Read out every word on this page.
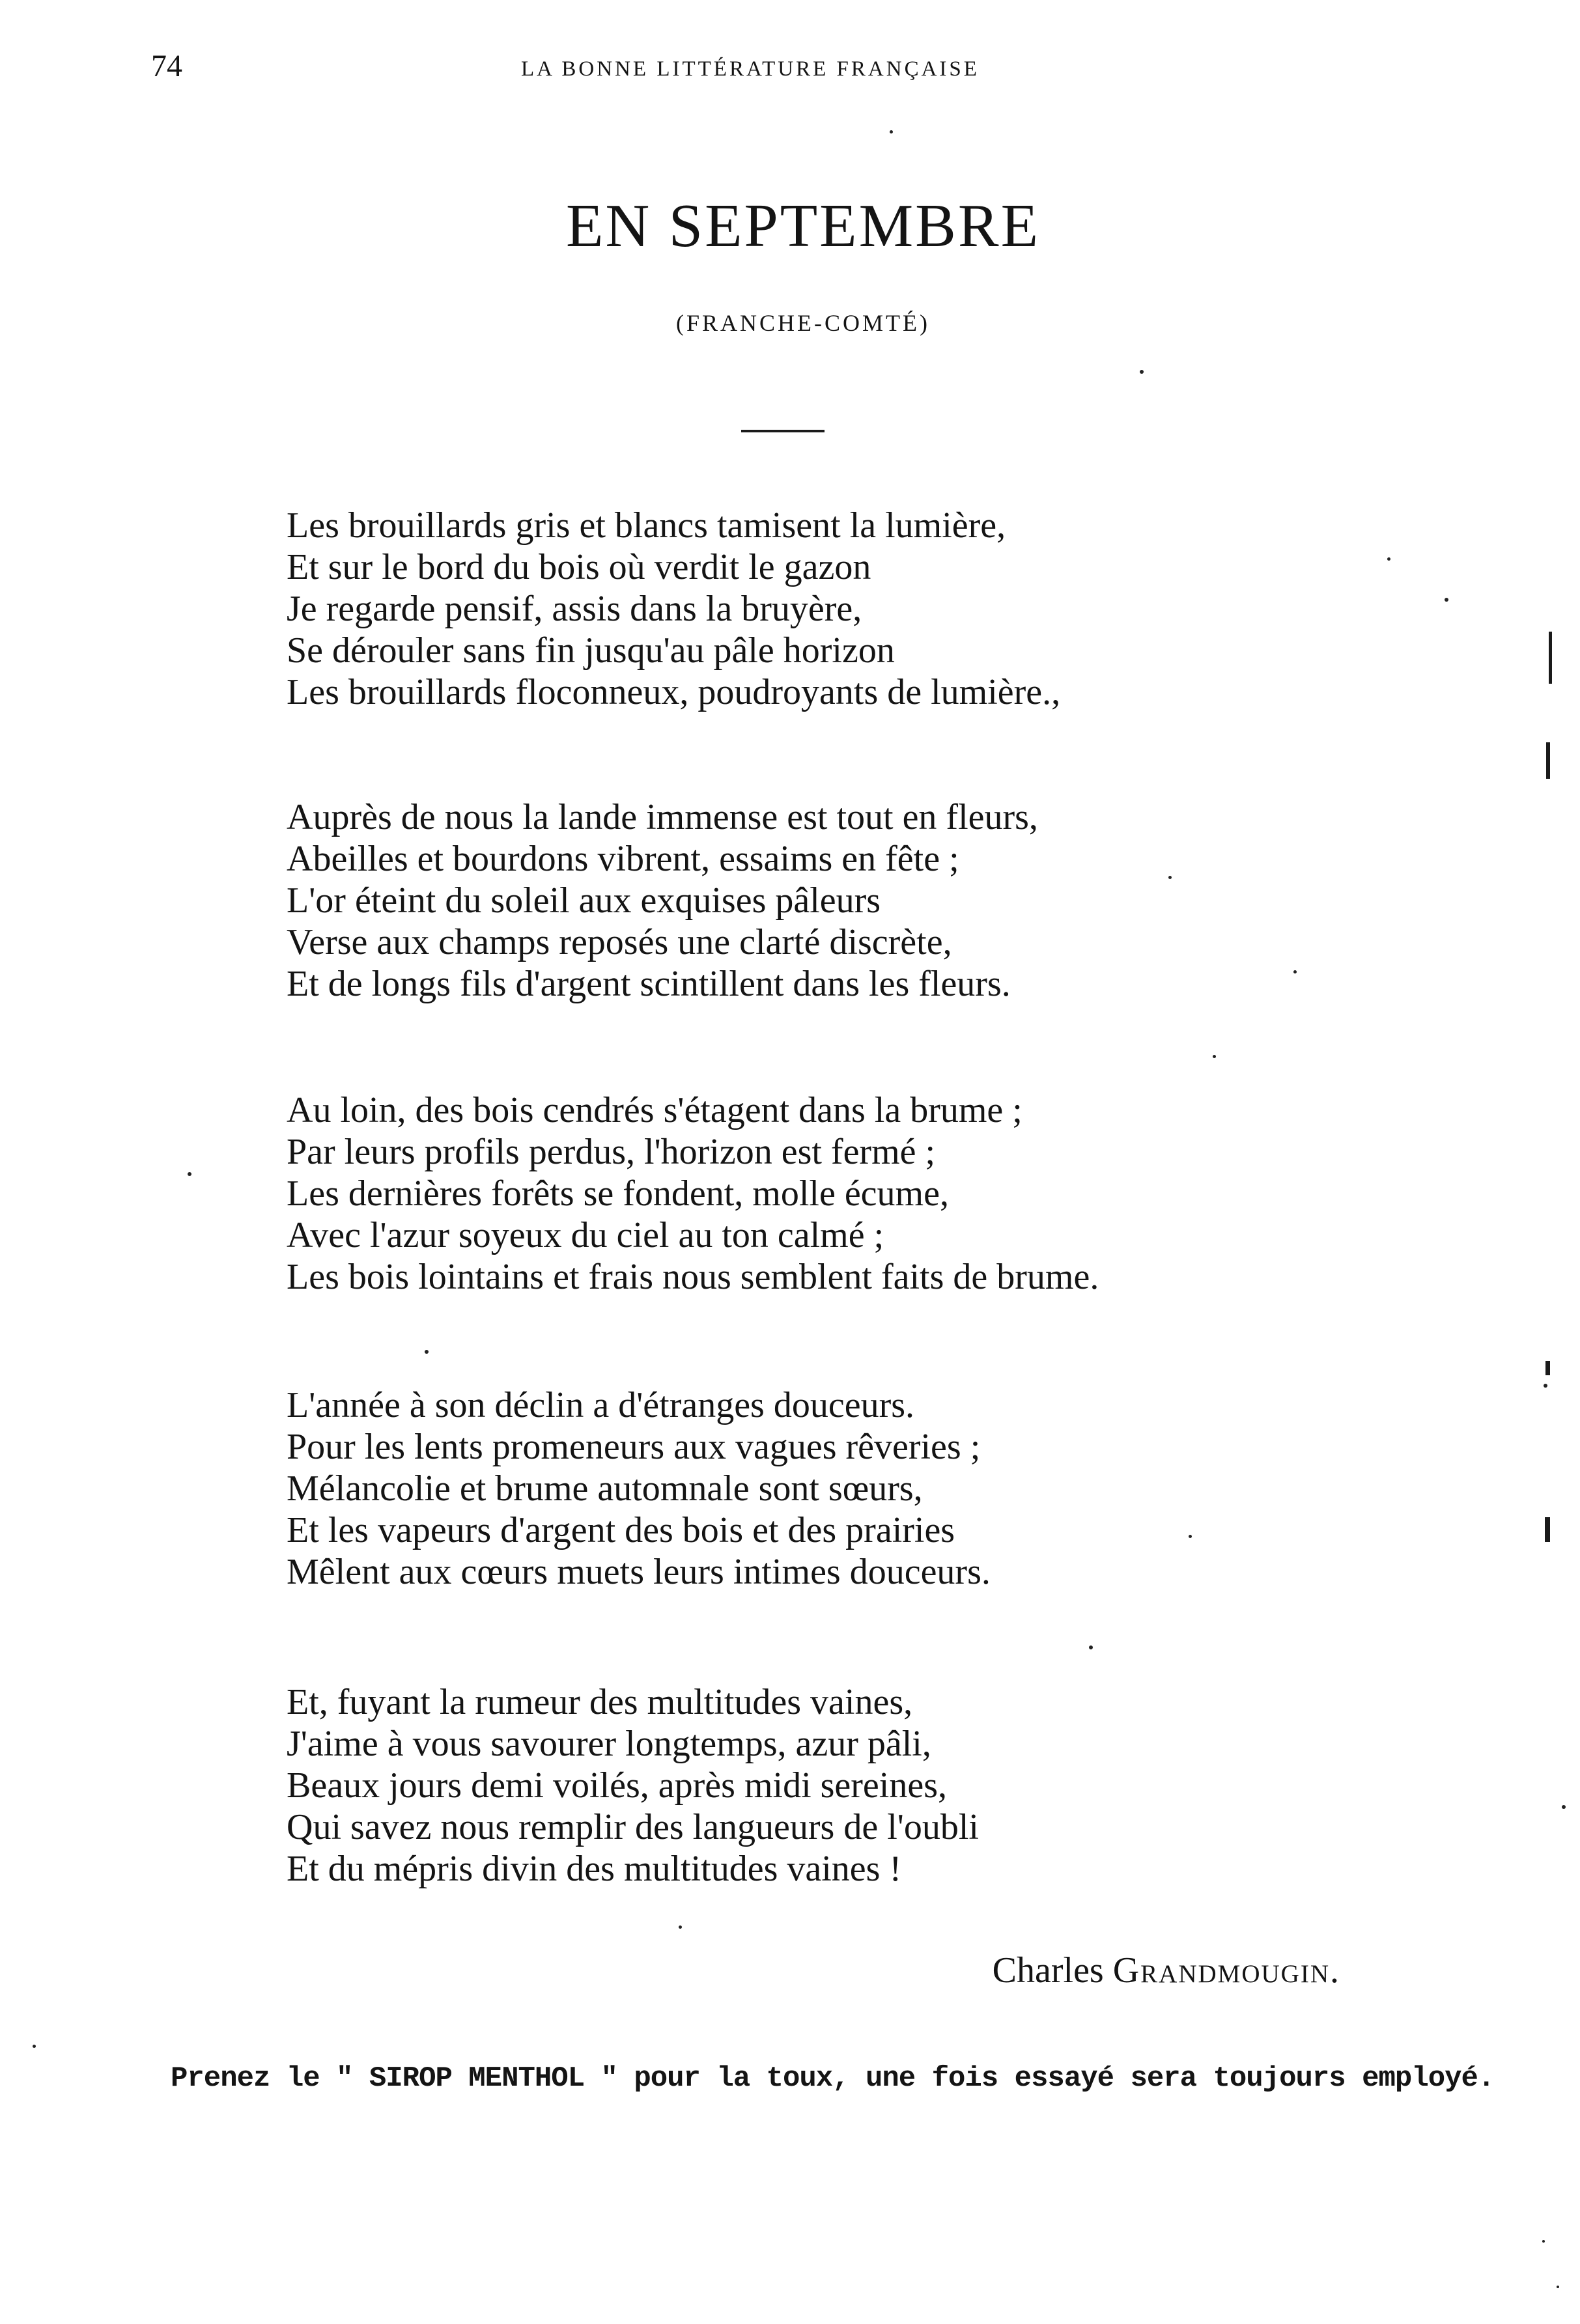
74	LA BONNE LITTÉRATURE FRANÇAISE
EN SEPTEMBRE
(FRANCHE-COMTÉ)

Les brouillards gris et blancs tamisent la lumière,
Et sur le bord du bois où verdit le gazon
Je regarde pensif, assis dans la bruyère,
Se dérouler sans fin jusqu'au pâle horizon
Les brouillards floconneux, poudroyants de lumière.,

Auprès de nous la lande immense est tout en fleurs,
Abeilles et bourdons vibrent, essaims en fête ;
L'or éteint du soleil aux exquises pâleurs
Verse aux champs reposés une clarté discrète,
Et de longs fils d'argent scintillent dans les fleurs.

Au loin, des bois cendrés s'étagent dans la brume ;
Par leurs profils perdus, l'horizon est fermé ;
Les dernières forêts se fondent, molle écume,
Avec l'azur soyeux du ciel au ton calmé ;
Les bois lointains et frais nous semblent faits de brume.

L'année à son déclin a d'étranges douceurs.
Pour les lents promeneurs aux vagues rêveries ;
Mélancolie et brume automnale sont sœurs,
Et les vapeurs d'argent des bois et des prairies
Mêlent aux cœurs muets leurs intimes douceurs.

Et, fuyant la rumeur des multitudes vaines,
J'aime à vous savourer longtemps, azur pâli,
Beaux jours demi voilés, après midi sereines,
Qui savez nous remplir des langueurs de l'oubli
Et du mépris divin des multitudes vaines !

Charles Grandmougin.
Prenez le " SIROP MENTHOL " pour la toux, une fois essayé sera toujours employé.
